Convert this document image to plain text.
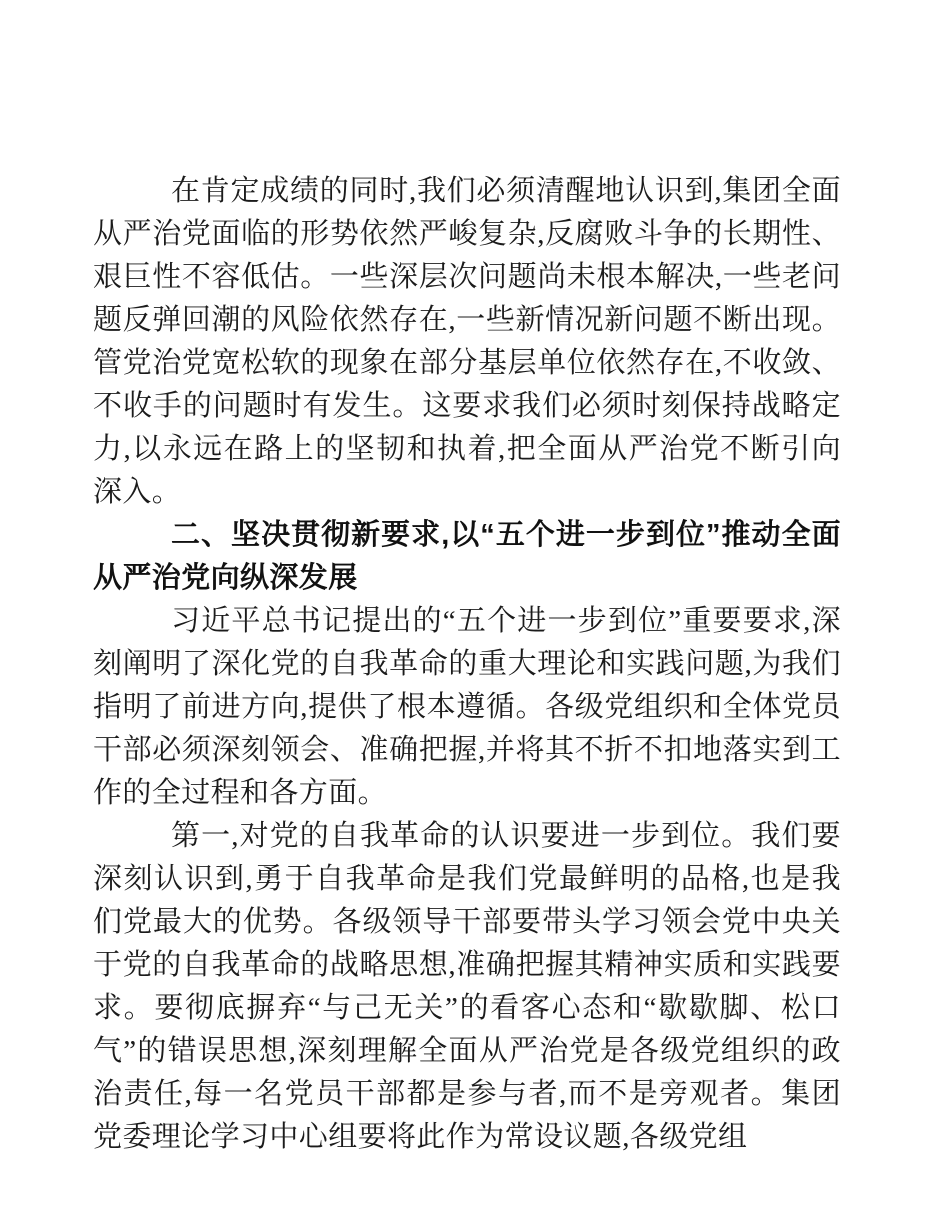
在肯定成绩的同时,我们必须清醒地认识到,集团全面从严治党面临的形势依然严峻复杂,反腐败斗争的长期性、艰巨性不容低估。一些深层次问题尚未根本解决,一些老问题反弹回潮的风险依然存在,一些新情况新问题不断出现。管党治党宽松软的现象在部分基层单位依然存在,不收敛、不收手的问题时有发生。这要求我们必须时刻保持战略定力,以永远在路上的坚韧和执着,把全面从严治党不断引向深入。

二、坚决贯彻新要求,以“五个进一步到位”推动全面从严治党向纵深发展

习近平总书记提出的“五个进一步到位”重要要求,深刻阐明了深化党的自我革命的重大理论和实践问题,为我们指明了前进方向,提供了根本遵循。各级党组织和全体党员干部必须深刻领会、准确把握,并将其不折不扣地落实到工作的全过程和各方面。

第一,对党的自我革命的认识要进一步到位。我们要深刻认识到,勇于自我革命是我们党最鲜明的品格,也是我们党最大的优势。各级领导干部要带头学习领会党中央关于党的自我革命的战略思想,准确把握其精神实质和实践要求。要彻底摒弃“与己无关”的看客心态和“歇歇脚、松口气”的错误思想,深刻理解全面从严治党是各级党组织的政治责任,每一名党员干部都是参与者,而不是旁观者。集团党委理论学习中心组要将此作为常设议题,各级党组
